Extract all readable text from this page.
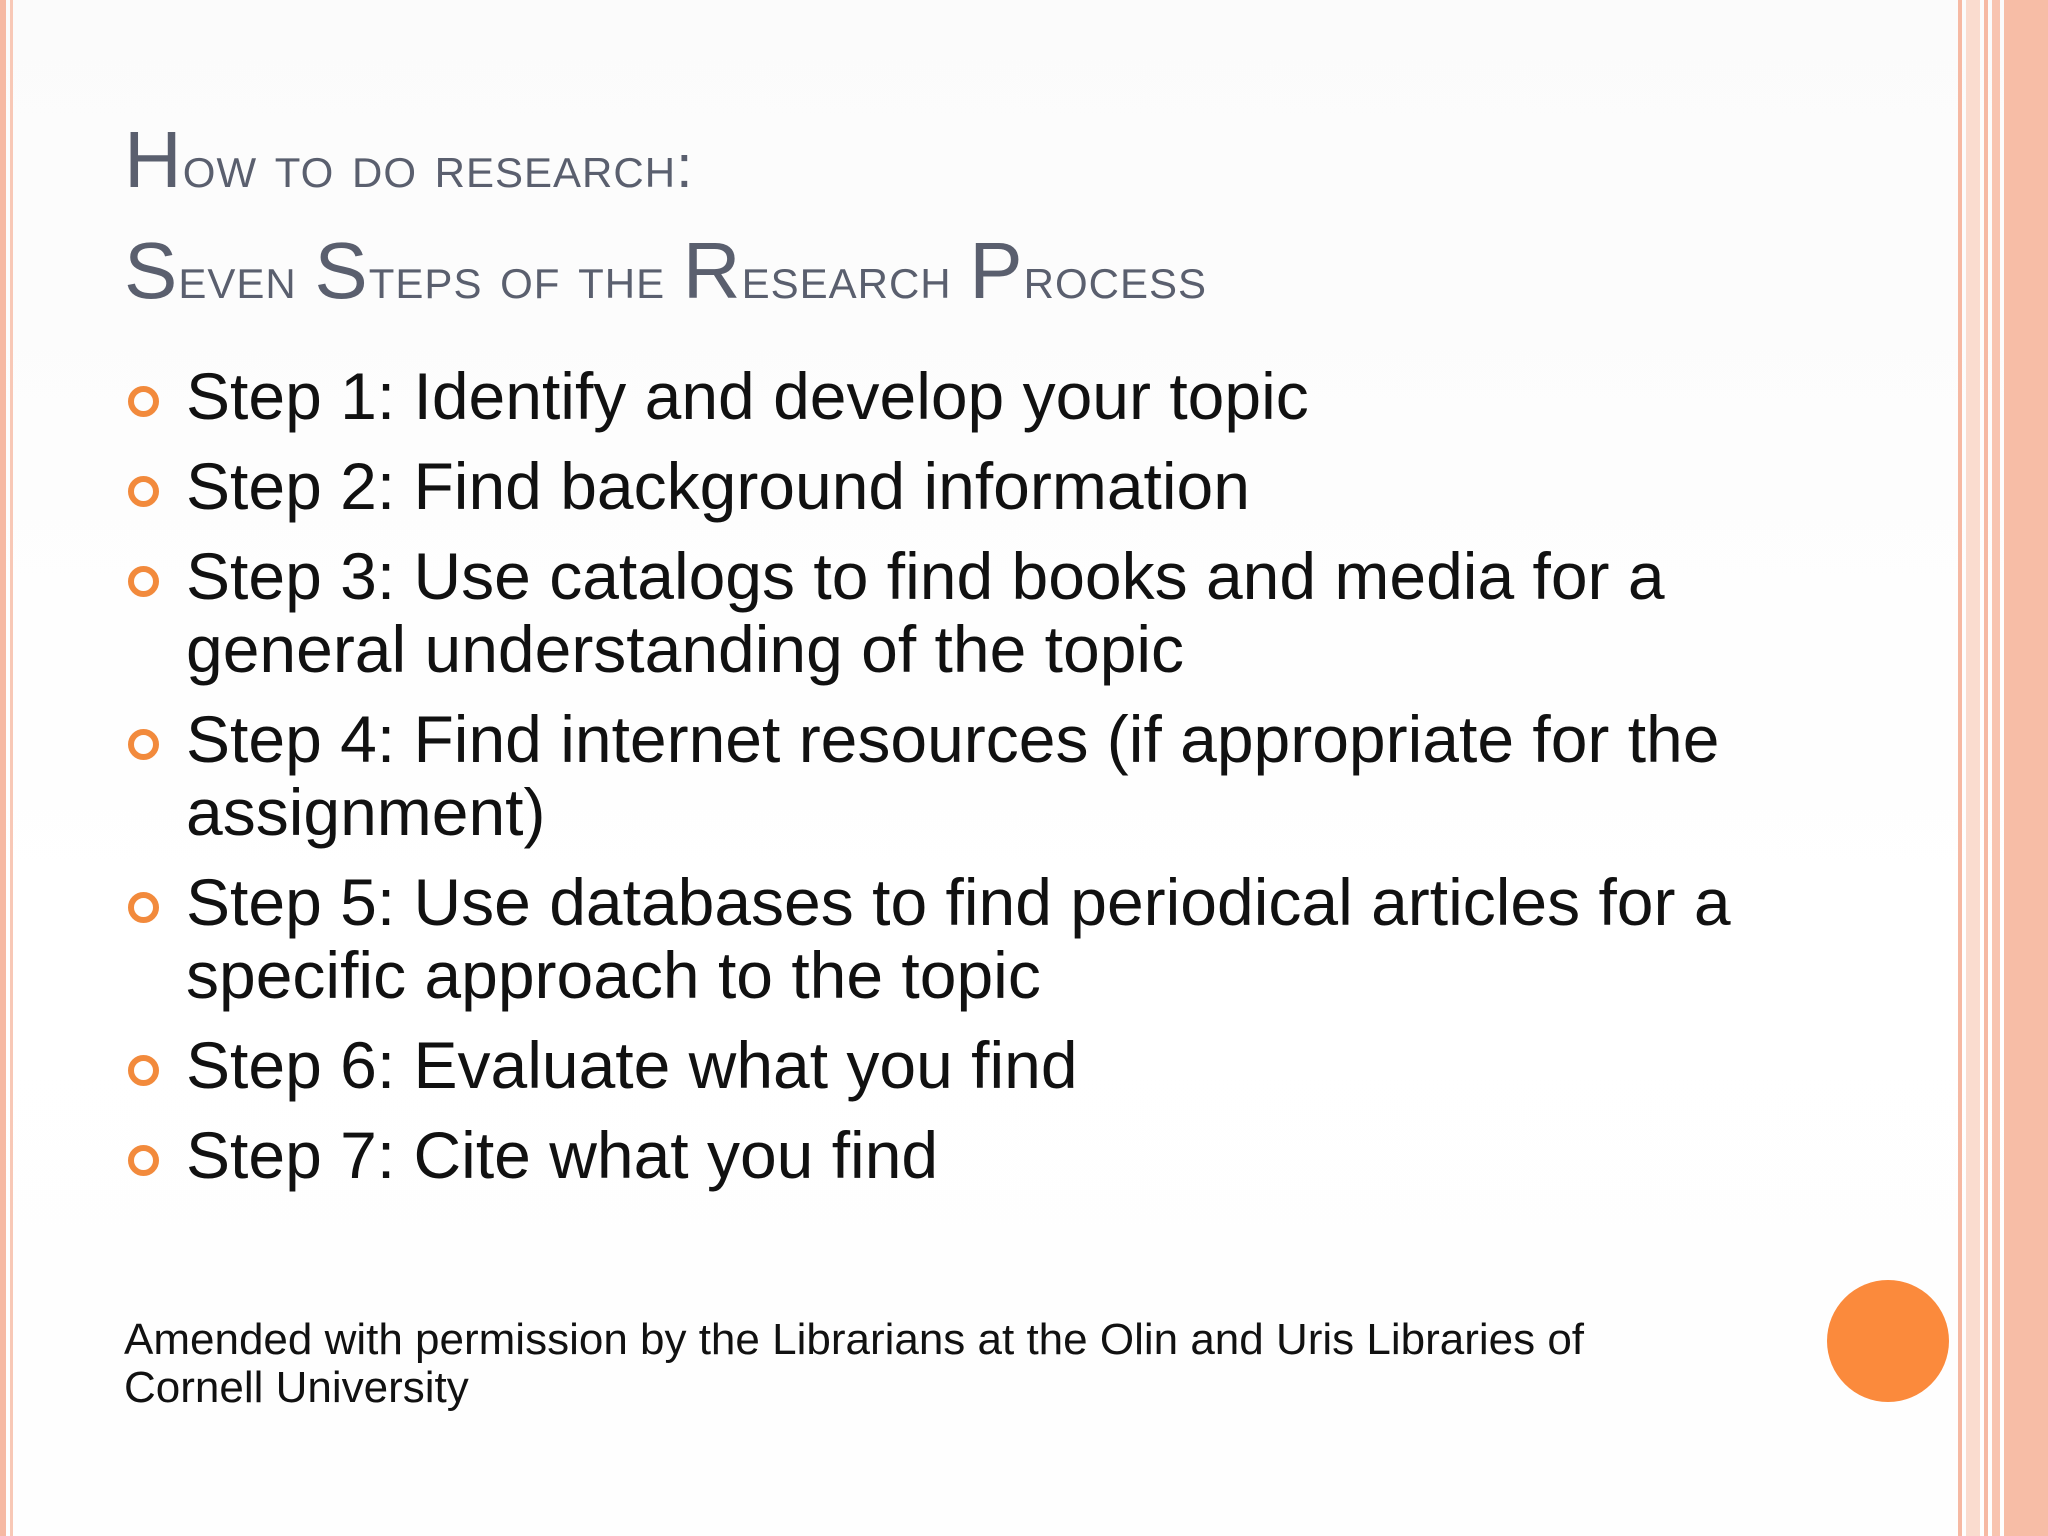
How to do research:
Seven Steps of the Research Process
Step 1: Identify and develop your topic
Step 2: Find background information
Step 3: Use catalogs to find books and media for a general understanding of the topic
Step 4: Find internet resources (if appropriate for the assignment)
Step 5: Use databases to find periodical articles for a specific approach to the topic
Step 6: Evaluate what you find
Step 7: Cite what you find

Amended with permission by the Librarians at the Olin and Uris Libraries of Cornell University
